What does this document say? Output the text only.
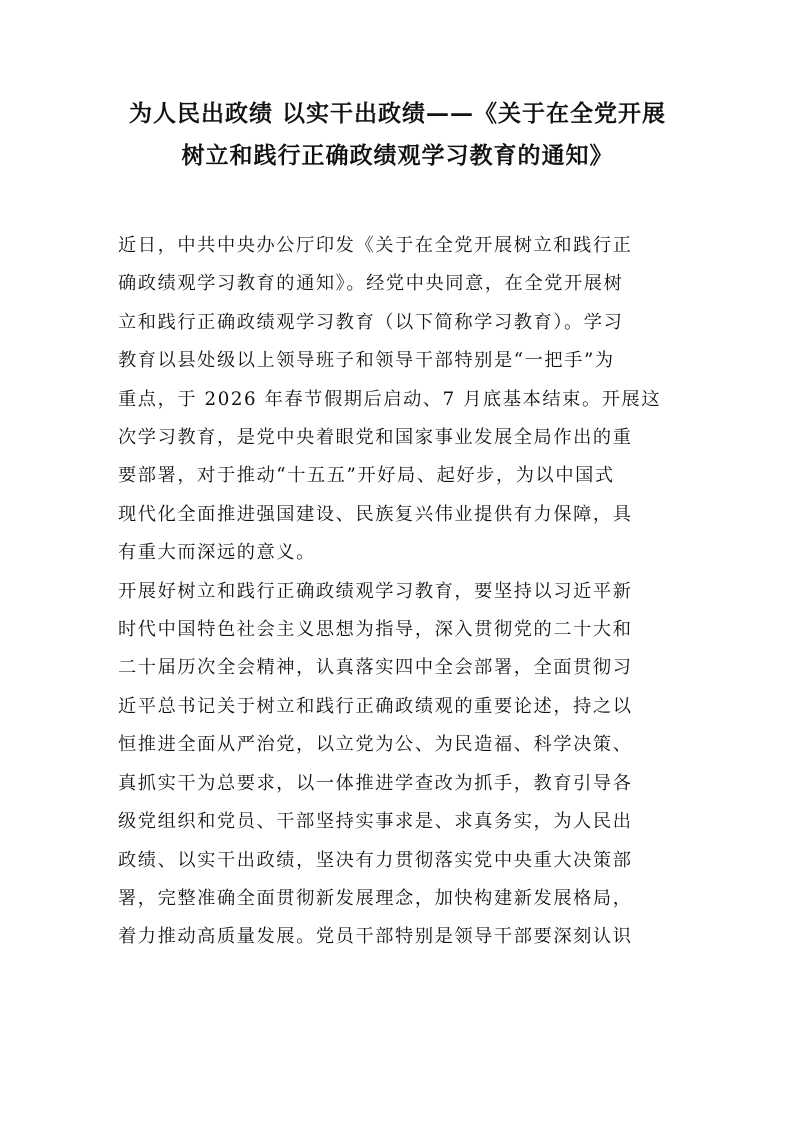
为人民出政绩 以实干出政绩——《关于在全党开展
树立和践行正确政绩观学习教育的通知》

近日，中共中央办公厅印发《关于在全党开展树立和践行正
确政绩观学习教育的通知》。经党中央同意，在全党开展树
立和践行正确政绩观学习教育（以下简称学习教育）。学习
教育以县处级以上领导班子和领导干部特别是“一把手”为
重点，于 2026 年春节假期后启动、7 月底基本结束。开展这
次学习教育，是党中央着眼党和国家事业发展全局作出的重
要部署，对于推动“十五五”开好局、起好步，为以中国式
现代化全面推进强国建设、民族复兴伟业提供有力保障，具
有重大而深远的意义。

开展好树立和践行正确政绩观学习教育，要坚持以习近平新
时代中国特色社会主义思想为指导，深入贯彻党的二十大和
二十届历次全会精神，认真落实四中全会部署，全面贯彻习
近平总书记关于树立和践行正确政绩观的重要论述，持之以
恒推进全面从严治党，以立党为公、为民造福、科学决策、
真抓实干为总要求，以一体推进学查改为抓手，教育引导各
级党组织和党员、干部坚持实事求是、求真务实，为人民出
政绩、以实干出政绩，坚决有力贯彻落实党中央重大决策部
署，完整准确全面贯彻新发展理念，加快构建新发展格局，
着力推动高质量发展。党员干部特别是领导干部要深刻认识
